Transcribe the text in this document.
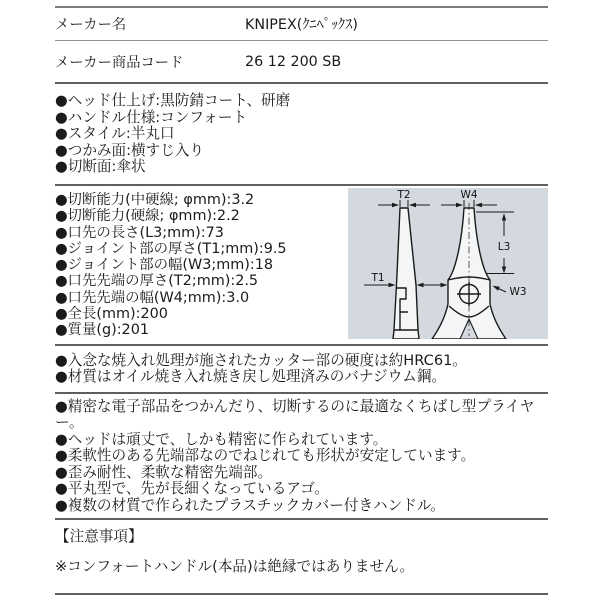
メーカー名	KNIPEX(ｸﾆﾍﾟｯｸｽ)
メーカー商品コード	26 12 200 SB
●ヘッド仕上げ:黒防錆コート、研磨
●ハンドル仕様:コンフォート
●スタイル:半丸口
●つかみ面:横すじ入り
●切断面:傘状
●切断能力(中硬線; φmm):3.2
●切断能力(硬線; φmm):2.2
●口先の長さ(L3;mm):73
●ジョイント部の厚さ(T1;mm):9.5
●ジョイント部の幅(W3;mm):18
●口先先端の厚さ(T2;mm):2.5
●口先先端の幅(W4;mm):3.0
●全長(mm):200
●質量(g):201
T2
T1
W4
L3
W3
●入念な焼入れ処理が施されたカッター部の硬度は約HRC61。
●材質はオイル焼き入れ焼き戻し処理済みのバナジウム鋼。
●精密な電子部品をつかんだり、切断するのに最適なくちばし型プライヤー。
●ヘッドは頑丈で、しかも精密に作られています。
●柔軟性のある先端部なのでねじれても形状が安定しています。
●歪み耐性、柔軟な精密先端部。
●平丸型で、先が長細くなっているアゴ。
●複数の材質で作られたプラスチックカバー付きハンドル。
【注意事項】
※コンフォートハンドル(本品)は絶縁ではありません。
